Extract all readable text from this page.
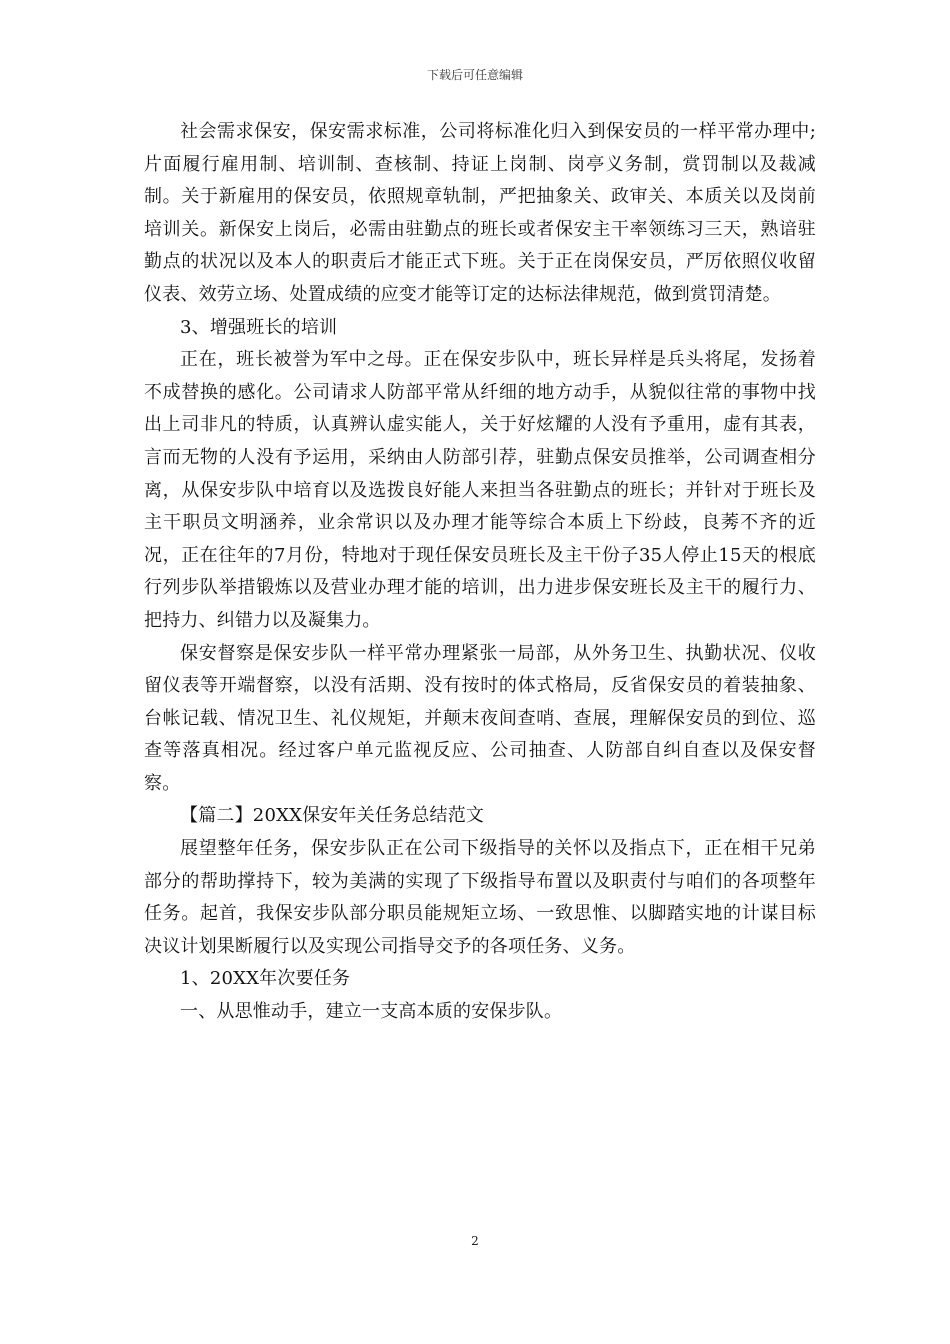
下载后可任意编辑

社会需求保安，保安需求标准，公司将标准化归入到保安员的一样平常办理中;片面履行雇用制、培训制、查核制、持证上岗制、岗亭义务制，赏罚制以及裁减制。关于新雇用的保安员，依照规章轨制，严把抽象关、政审关、本质关以及岗前培训关。新保安上岗后，必需由驻勤点的班长或者保安主干率领练习三天，熟谙驻勤点的状况以及本人的职责后才能正式下班。关于正在岗保安员，严厉依照仪收留仪表、效劳立场、处置成绩的应变才能等订定的达标法律规范，做到赏罚清楚。

3、增强班长的培训

正在，班长被誉为军中之母。正在保安步队中，班长异样是兵头将尾，发扬着不成替换的感化。公司请求人防部平常从纤细的地方动手，从貌似往常的事物中找出上司非凡的特质，认真辨认虚实能人，关于好炫耀的人没有予重用，虚有其表，言而无物的人没有予运用，采纳由人防部引荐，驻勤点保安员推举，公司调查相分离，从保安步队中培育以及选拨良好能人来担当各驻勤点的班长；并针对于班长及主干职员文明涵养，业余常识以及办理才能等综合本质上下纷歧，良莠不齐的近况，正在往年的7月份，特地对于现任保安员班长及主干份子35人停止15天的根底行列步队举措锻炼以及营业办理才能的培训，出力进步保安班长及主干的履行力、把持力、纠错力以及凝集力。

保安督察是保安步队一样平常办理紧张一局部，从外务卫生、执勤状况、仪收留仪表等开端督察，以没有活期、没有按时的体式格局，反省保安员的着装抽象、台帐记载、情况卫生、礼仪规矩，并颠末夜间查哨、查展，理解保安员的到位、巡查等落真相况。经过客户单元监视反应、公司抽查、人防部自纠自查以及保安督察。

【篇二】20XX保安年关任务总结范文

展望整年任务，保安步队正在公司下级指导的关怀以及指点下，正在相干兄弟部分的帮助撑持下，较为美满的实现了下级指导布置以及职责付与咱们的各项整年任务。起首，我保安步队部分职员能规矩立场、一致思惟、以脚踏实地的计谋目标决议计划果断履行以及实现公司指导交予的各项任务、义务。

1、20XX年次要任务

一、从思惟动手，建立一支高本质的安保步队。

2
